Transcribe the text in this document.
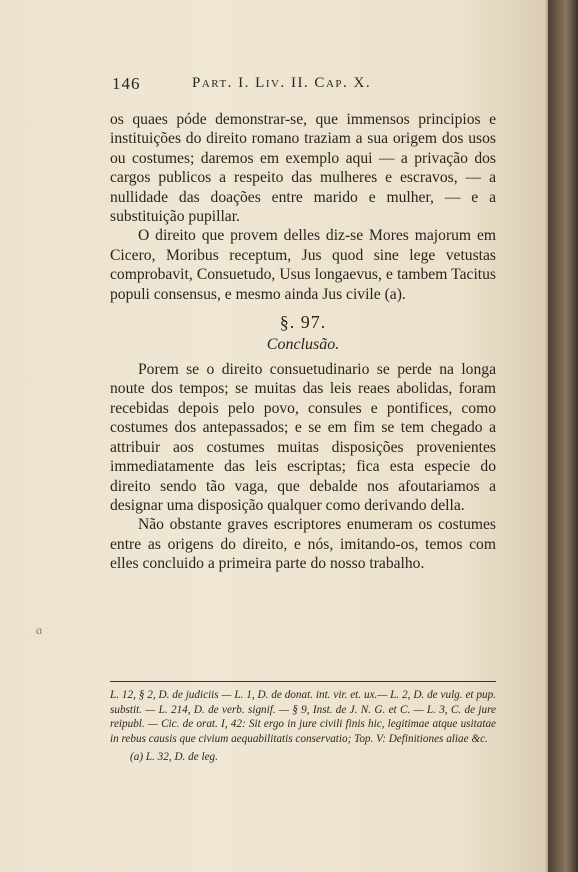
146	Part. I. Liv. II. Cap. X.

os quaes póde demonstrar-se, que immensos principios e instituições do direito romano traziam a sua origem dos usos ou costumes; daremos em exemplo aqui — a privação dos cargos publicos a respeito das mulheres e escravos, — a nullidade das doações entre marido e mulher, — e a substituição pupillar.

O direito que provem delles diz-se Mores majorum em Cicero, Moribus receptum, Jus quod sine lege vetustas comprobavit, Consuetudo, Usus longaevus, e tambem Tacitus populi consensus, e mesmo ainda Jus civile (a).

§. 97.
Conclusão.

Porem se o direito consuetudinario se perde na longa noute dos tempos; se muitas das leis reaes abolidas, foram recebidas depois pelo povo, consules e pontifices, como costumes dos antepassados; e se em fim se tem chegado a attribuir aos costumes muitas disposições provenientes immediatamente das leis escriptas; fica esta especie do direito sendo tão vaga, que debalde nos afoutariamos a designar uma disposição qualquer como derivando della.

Não obstante graves escriptores enumeram os costumes entre as origens do direito, e nós, imitando-os, temos com elles concluido a primeira parte do nosso trabalho.

L. 12, § 2, D. de judiciis — L. 1, D. de donat. int. vir. et. ux.— L. 2, D. de vulg. et pup. substit. — L. 214, D. de verb. signif. — § 9, Inst. de J. N. G. et C. — L. 3, C. de jure reipubl. — Cic. de orat. I, 42: Sit ergo in jure civili finis hic, legitimae atque usitatae in rebus causis que civium aequabilitatis conservatio; Top. V: Definitiones aliae &c.

(a) L. 32, D. de leg.

ɑ
